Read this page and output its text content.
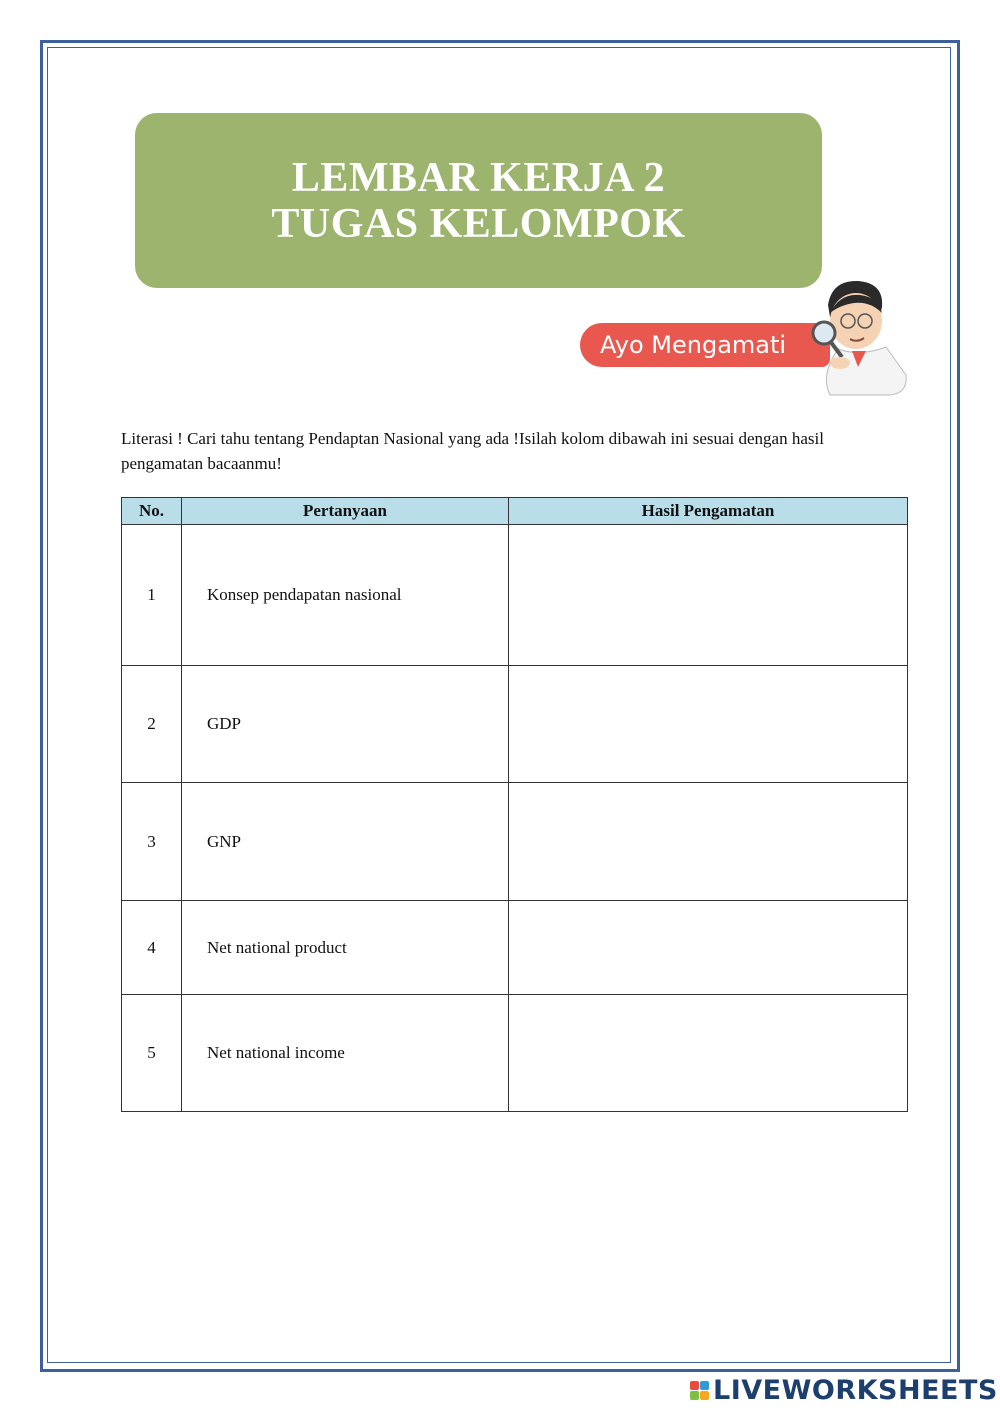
LEMBAR KERJA 2
TUGAS KELOMPOK
Ayo Mengamati
Literasi ! Cari tahu tentang Pendaptan Nasional yang ada !Isilah kolom dibawah ini sesuai dengan hasil pengamatan bacaanmu!
No.	Pertanyaan	Hasil Pengamatan
1	Konsep pendapatan nasional	
2	GDP	
3	GNP	
4	Net national product	
5	Net national income	
LIVEWORKSHEETS
